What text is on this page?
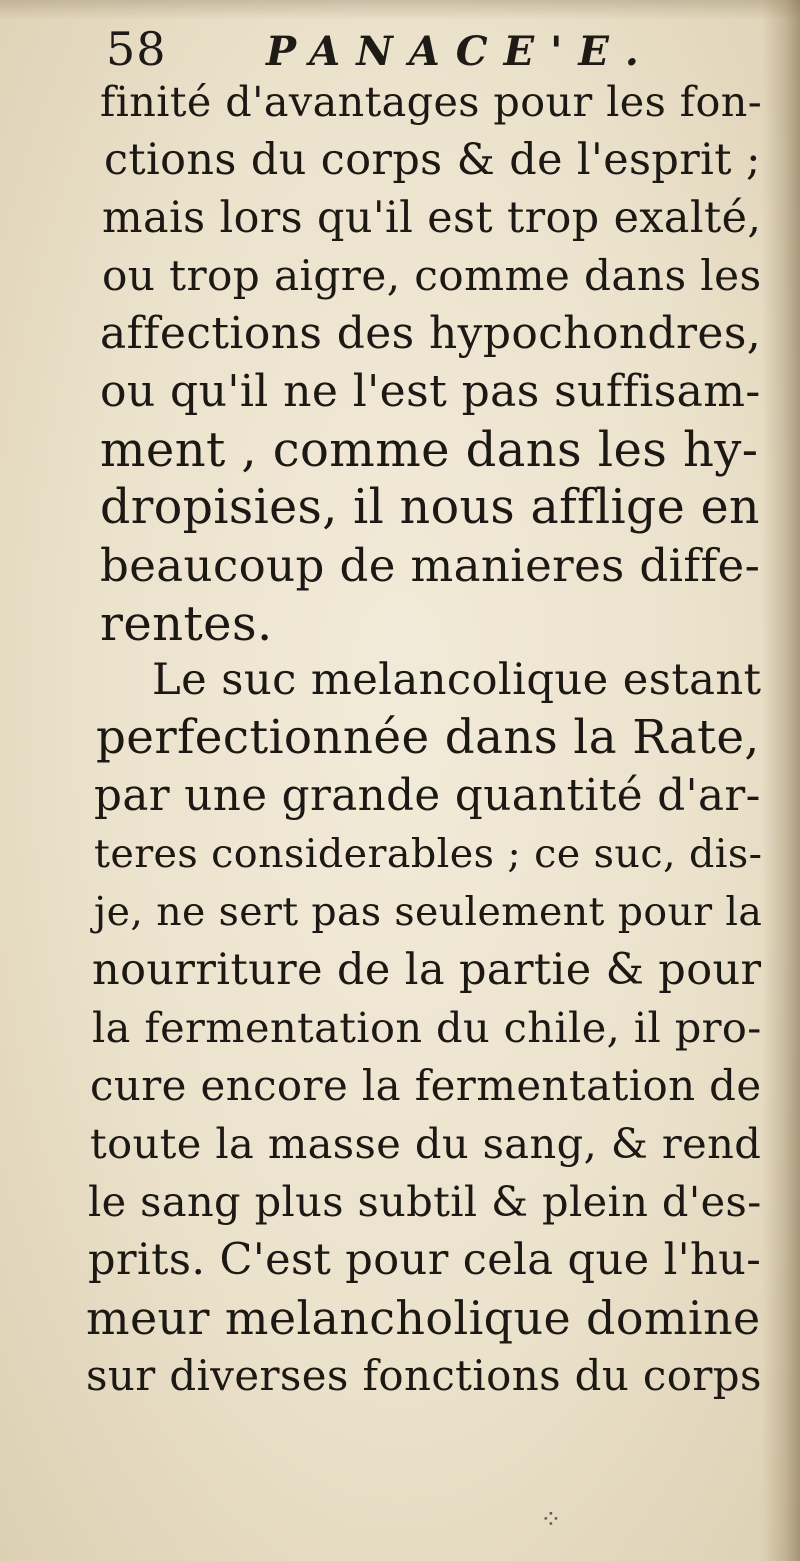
58 PANACE'E.
finité d'avantages pour les fon-
ctions du corps & de l'esprit ;
mais lors qu'il est trop exalté,
ou trop aigre, comme dans les
affections des hypochondres,
ou qu'il ne l'est pas suffisam-
ment , comme dans les hy-
dropisies, il nous afflige en
beaucoup de manieres diffe-
rentes.
Le suc melancolique estant
perfectionnée dans la Rate,
par une grande quantité d'ar-
teres considerables ; ce suc, dis-
je, ne sert pas seulement pour la
nourriture de la partie & pour
la fermentation du chile, il pro-
cure encore la fermentation de
toute la masse du sang, & rend
le sang plus subtil & plein d'es-
prits. C'est pour cela que l'hu-
meur melancholique domine
sur diverses fonctions du corps
⁘
